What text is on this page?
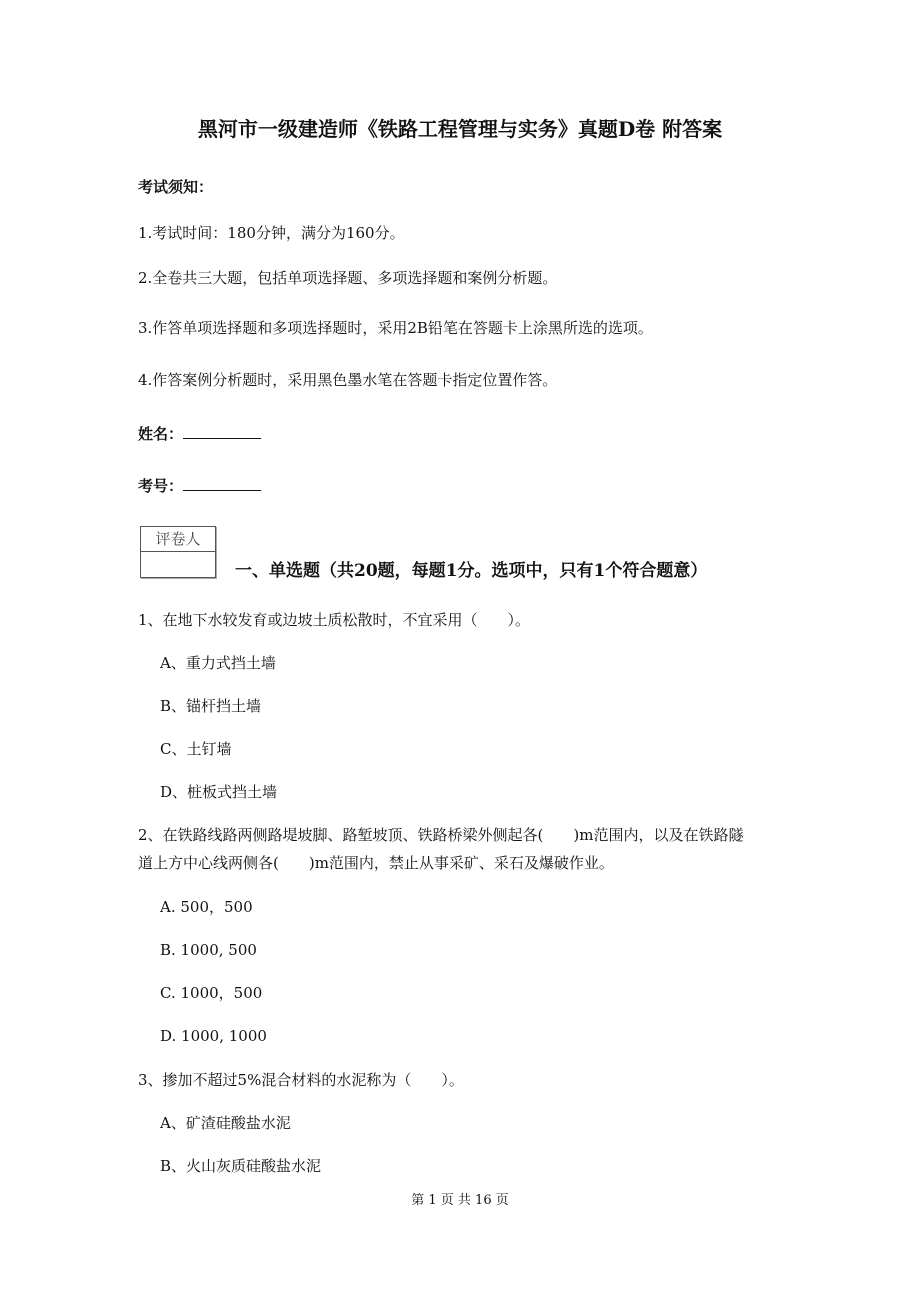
黑河市一级建造师《铁路工程管理与实务》真题D卷 附答案
考试须知：
1.考试时间：180分钟，满分为160分。
2.全卷共三大题，包括单项选择题、多项选择题和案例分析题。
3.作答单项选择题和多项选择题时，采用2B铅笔在答题卡上涂黑所选的选项。
4.作答案例分析题时，采用黑色墨水笔在答题卡指定位置作答。
姓名：
考号：
评卷人
一、单选题（共20题，每题1分。选项中，只有1个符合题意）
1、在地下水较发育或边坡土质松散时，不宜采用（　　）。
A、重力式挡土墙
B、锚杆挡土墙
C、土钉墙
D、桩板式挡土墙
2、在铁路线路两侧路堤坡脚、路堑坡顶、铁路桥梁外侧起各(　　)m范围内，以及在铁路隧
道上方中心线两侧各(　　)m范围内，禁止从事采矿、采石及爆破作业。
A. 500，500
B. 1000, 500
C. 1000，500
D. 1000, 1000
3、掺加不超过5%混合材料的水泥称为（　　）。
A、矿渣硅酸盐水泥
B、火山灰质硅酸盐水泥
第 1 页 共 16 页
